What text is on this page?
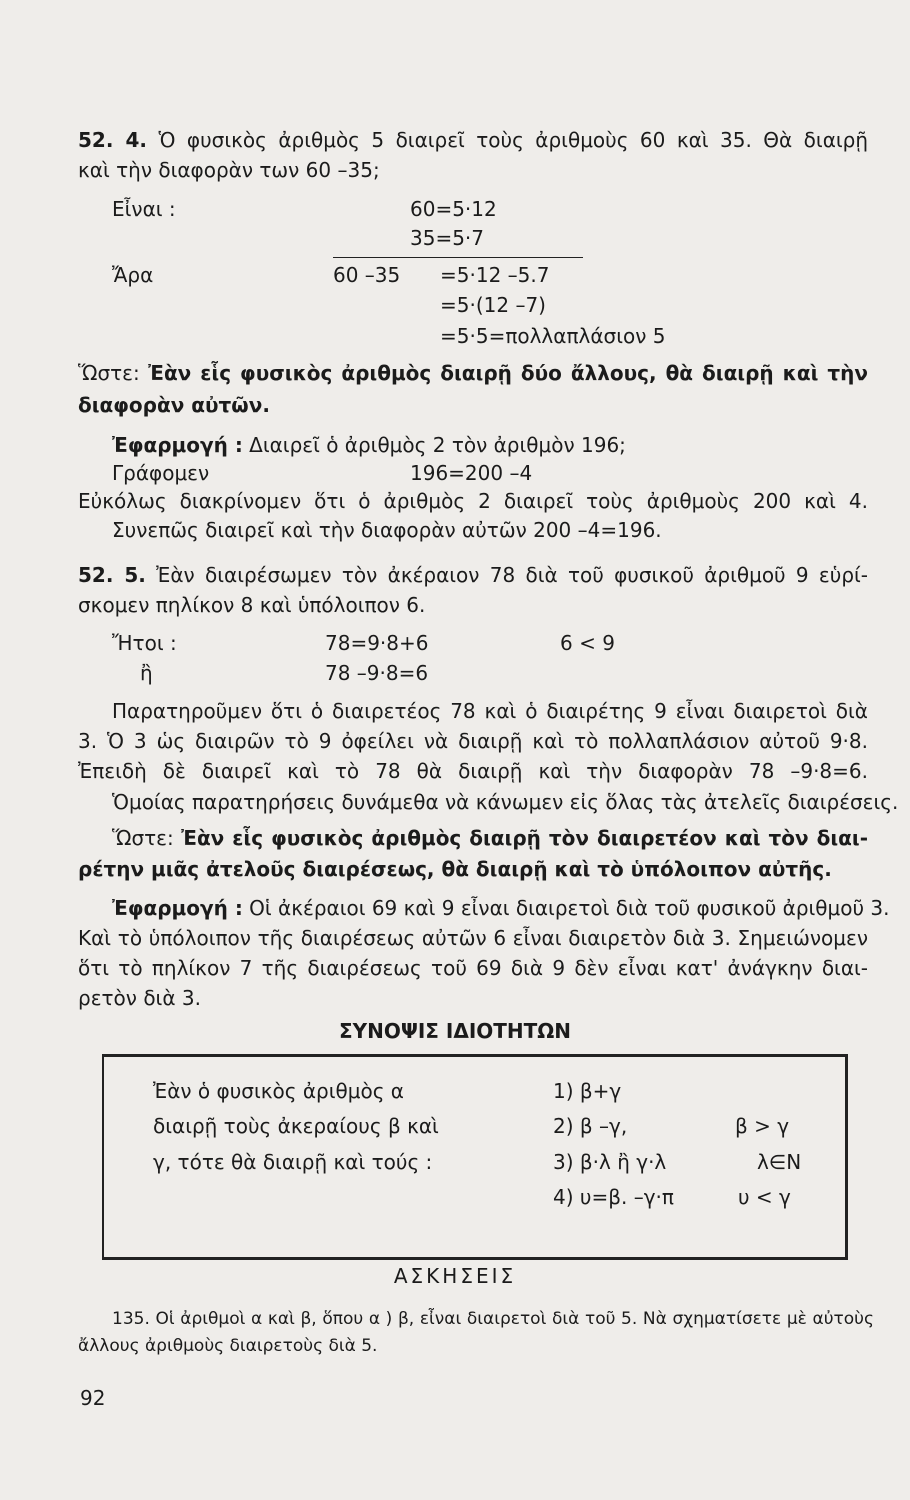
52. 4. Ὁ φυσικὸς ἀριθμὸς 5 διαιρεῖ τοὺς ἀριθμοὺς 60 καὶ 35. Θὰ διαιρῇ
καὶ τὴν διαφορὰν των 60 –35;
Εἶναι :	60=5·12
35=5·7
Ἄρα	60 –35 =5·12 –5.7
=5·(12 –7)
=5·5=πολλαπλάσιον 5
Ὥστε: Ἐὰν εἷς φυσικὸς ἀριθμὸς διαιρῇ δύο ἄλλους, θὰ διαιρῇ καὶ τὴν
διαφορὰν αὐτῶν.
Ἐφαρμογή : Διαιρεῖ ὁ ἀριθμὸς 2 τὸν ἀριθμὸν 196;
Γράφομεν	196=200 –4
Εὐκόλως διακρίνομεν ὅτι ὁ ἀριθμὸς 2 διαιρεῖ τοὺς ἀριθμοὺς 200 καὶ 4.
Συνεπῶς διαιρεῖ καὶ τὴν διαφορὰν αὐτῶν 200 –4=196.
52. 5. Ἐὰν διαιρέσωμεν τὸν ἀκέραιον 78 διὰ τοῦ φυσικοῦ ἀριθμοῦ 9 εὑρί-
σκομεν πηλίκον 8 καὶ ὑπόλοιπον 6.
Ἤτοι :	78=9·8+6	6 < 9
ἢ	78 –9·8=6
Παρατηροῦμεν ὅτι ὁ διαιρετέος 78 καὶ ὁ διαιρέτης 9 εἶναι διαιρετοὶ διὰ
3. Ὁ 3 ὡς διαιρῶν τὸ 9 ὀφείλει νὰ διαιρῇ καὶ τὸ πολλαπλάσιον αὐτοῦ 9·8.
Ἐπειδὴ δὲ διαιρεῖ καὶ τὸ 78 θὰ διαιρῇ καὶ τὴν διαφορὰν 78 –9·8=6.
Ὁμοίας παρατηρήσεις δυνάμεθα νὰ κάνωμεν εἰς ὅλας τὰς ἀτελεῖς διαιρέσεις.
Ὥστε: Ἐὰν εἷς φυσικὸς ἀριθμὸς διαιρῇ τὸν διαιρετέον καὶ τὸν διαι-
ρέτην μιᾶς ἀτελοῦς διαιρέσεως, θὰ διαιρῇ καὶ τὸ ὑπόλοιπον αὐτῆς.
Ἐφαρμογή : Οἱ ἀκέραιοι 69 καὶ 9 εἶναι διαιρετοὶ διὰ τοῦ φυσικοῦ ἀριθμοῦ 3.
Καὶ τὸ ὑπόλοιπον τῆς διαιρέσεως αὐτῶν 6 εἶναι διαιρετὸν διὰ 3. Σημειώνομεν
ὅτι τὸ πηλίκον 7 τῆς διαιρέσεως τοῦ 69 διὰ 9 δὲν εἶναι κατ' ἀνάγκην διαι-
ρετὸν διὰ 3.
ΣΥΝΟΨΙΣ ΙΔΙΟΤΗΤΩΝ
Ἐὰν ὁ φυσικὸς ἀριθμὸς α
διαιρῇ τοὺς ἀκεραίους β καὶ
γ, τότε θὰ διαιρῇ καὶ τούς :
1) β+γ
2) β –γ,	β > γ
3) β·λ ἢ γ·λ	λ∈N
4) υ=β. –γ·π	υ < γ
ΑΣΚΗΣΕΙΣ
135. Οἱ ἀριθμοὶ α καὶ β, ὅπου α ) β, εἶναι διαιρετοὶ διὰ τοῦ 5. Νὰ σχηματίσετε μὲ αὐτοὺς
ἄλλους ἀριθμοὺς διαιρετοὺς διὰ 5.
92
